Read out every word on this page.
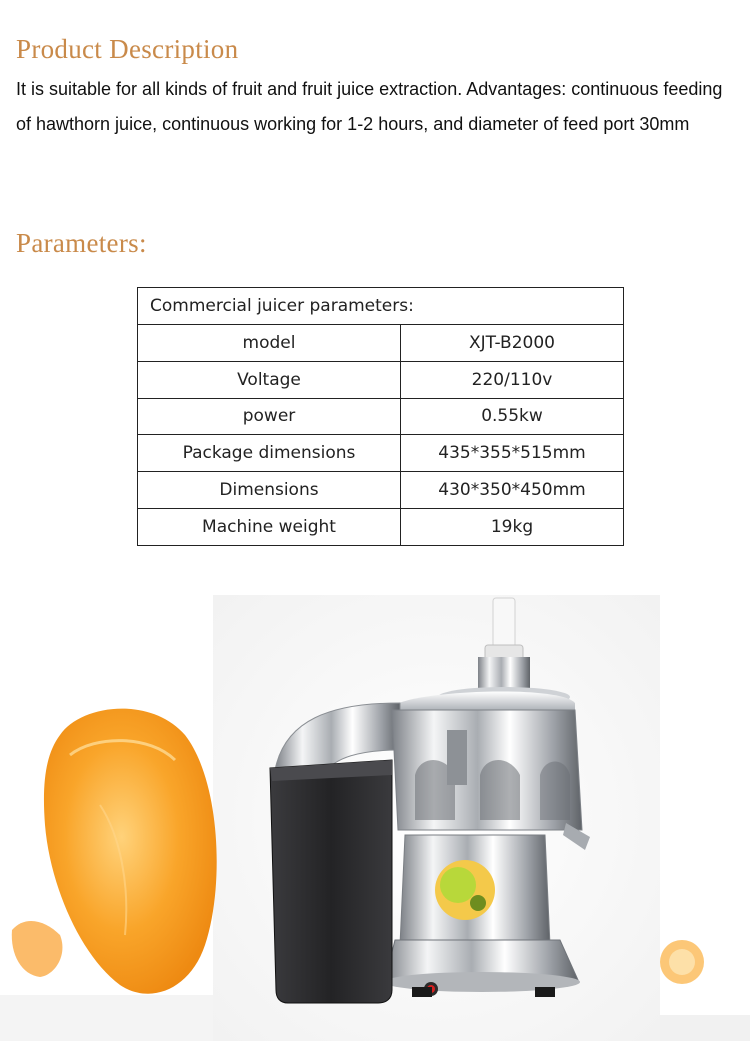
Product Description

It is suitable for all kinds of fruit and fruit juice extraction. Advantages: continuous feeding of hawthorn juice, continuous working for 1-2 hours, and diameter of feed port 30mm

Parameters:
Commercial juicer parameters:	
model	XJT-B2000
Voltage	220/110v
power	0.55kw
Package dimensions	435*355*515mm
Dimensions	430*350*450mm
Machine weight	19kg
